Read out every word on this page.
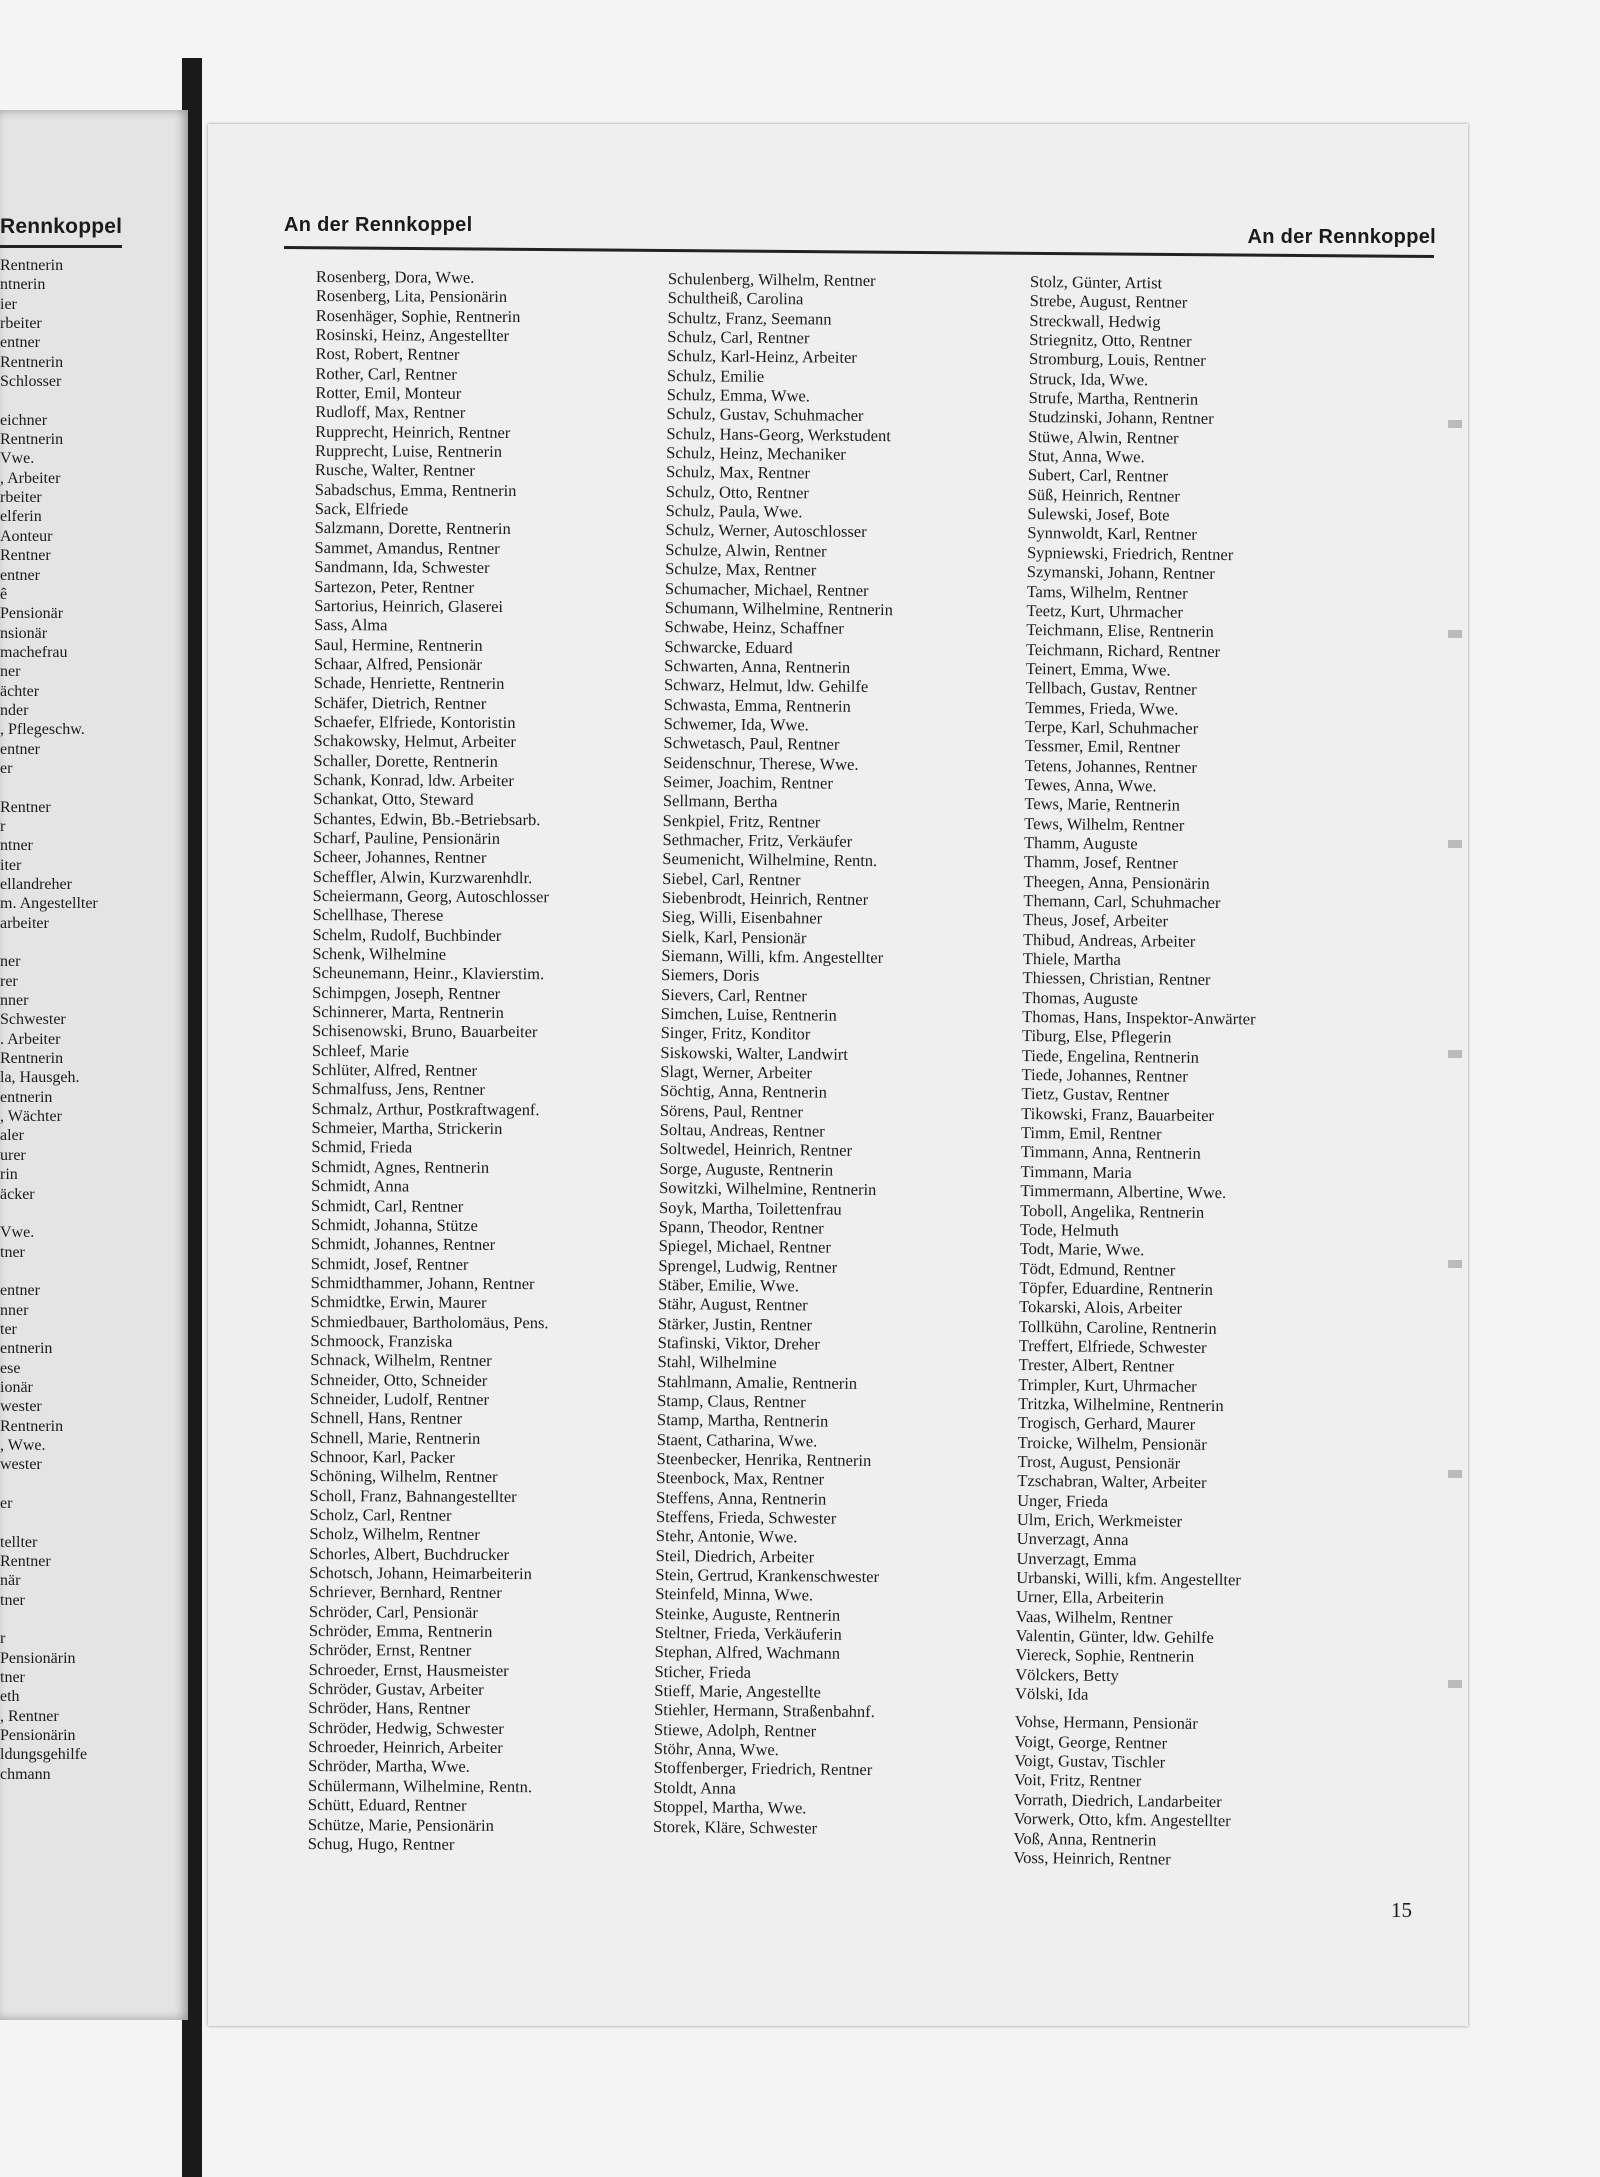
Rennkoppel
Rentnerin
ntnerin
ier
rbeiter
entner
Rentnerin
Schlosser

eichner
Rentnerin
Vwe.
, Arbeiter
rbeiter
elferin
Aonteur
Rentner
entner
ê
Pensionär
nsionär
machefrau
ner
ächter
nder
, Pflegeschw.
entner
er

Rentner
r
ntner
iter
ellandreher
m. Angestellter
arbeiter

ner
rer
nner
Schwester
. Arbeiter
Rentnerin
la, Hausgeh.
entnerin
, Wächter
aler
urer
rin
äcker

Vwe.
tner

entner
nner
ter
entnerin
ese
ionär
wester
Rentnerin
, Wwe.
wester

er

tellter
Rentner
när
tner

r
Pensionärin
tner
eth
, Rentner
Pensionärin
ldungsgehilfe
chmann
An der Rennkoppel
An der Rennkoppel
Rosenberg, Dora, Wwe.
Rosenberg, Lita, Pensionärin
Rosenhäger, Sophie, Rentnerin
Rosinski, Heinz, Angestellter
Rost, Robert, Rentner
Rother, Carl, Rentner
Rotter, Emil, Monteur
Rudloff, Max, Rentner
Rupprecht, Heinrich, Rentner
Rupprecht, Luise, Rentnerin
Rusche, Walter, Rentner
Sabadschus, Emma, Rentnerin
Sack, Elfriede
Salzmann, Dorette, Rentnerin
Sammet, Amandus, Rentner
Sandmann, Ida, Schwester
Sartezon, Peter, Rentner
Sartorius, Heinrich, Glaserei
Sass, Alma
Saul, Hermine, Rentnerin
Schaar, Alfred, Pensionär
Schade, Henriette, Rentnerin
Schäfer, Dietrich, Rentner
Schaefer, Elfriede, Kontoristin
Schakowsky, Helmut, Arbeiter
Schaller, Dorette, Rentnerin
Schank, Konrad, ldw. Arbeiter
Schankat, Otto, Steward
Schantes, Edwin, Bb.-Betriebsarb.
Scharf, Pauline, Pensionärin
Scheer, Johannes, Rentner
Scheffler, Alwin, Kurzwarenhdlr.
Scheiermann, Georg, Autoschlosser
Schellhase, Therese
Schelm, Rudolf, Buchbinder
Schenk, Wilhelmine
Scheunemann, Heinr., Klavierstim.
Schimpgen, Joseph, Rentner
Schinnerer, Marta, Rentnerin
Schisenowski, Bruno, Bauarbeiter
Schleef, Marie
Schlüter, Alfred, Rentner
Schmalfuss, Jens, Rentner
Schmalz, Arthur, Postkraftwagenf.
Schmeier, Martha, Strickerin
Schmid, Frieda
Schmidt, Agnes, Rentnerin
Schmidt, Anna
Schmidt, Carl, Rentner
Schmidt, Johanna, Stütze
Schmidt, Johannes, Rentner
Schmidt, Josef, Rentner
Schmidthammer, Johann, Rentner
Schmidtke, Erwin, Maurer
Schmiedbauer, Bartholomäus, Pens.
Schmoock, Franziska
Schnack, Wilhelm, Rentner
Schneider, Otto, Schneider
Schneider, Ludolf, Rentner
Schnell, Hans, Rentner
Schnell, Marie, Rentnerin
Schnoor, Karl, Packer
Schöning, Wilhelm, Rentner
Scholl, Franz, Bahnangestellter
Scholz, Carl, Rentner
Scholz, Wilhelm, Rentner
Schorles, Albert, Buchdrucker
Schotsch, Johann, Heimarbeiterin
Schriever, Bernhard, Rentner
Schröder, Carl, Pensionär
Schröder, Emma, Rentnerin
Schröder, Ernst, Rentner
Schroeder, Ernst, Hausmeister
Schröder, Gustav, Arbeiter
Schröder, Hans, Rentner
Schröder, Hedwig, Schwester
Schroeder, Heinrich, Arbeiter
Schröder, Martha, Wwe.
Schülermann, Wilhelmine, Rentn.
Schütt, Eduard, Rentner
Schütze, Marie, Pensionärin
Schug, Hugo, Rentner
Schulenberg, Wilhelm, Rentner
Schultheiß, Carolina
Schultz, Franz, Seemann
Schulz, Carl, Rentner
Schulz, Karl-Heinz, Arbeiter
Schulz, Emilie
Schulz, Emma, Wwe.
Schulz, Gustav, Schuhmacher
Schulz, Hans-Georg, Werkstudent
Schulz, Heinz, Mechaniker
Schulz, Max, Rentner
Schulz, Otto, Rentner
Schulz, Paula, Wwe.
Schulz, Werner, Autoschlosser
Schulze, Alwin, Rentner
Schulze, Max, Rentner
Schumacher, Michael, Rentner
Schumann, Wilhelmine, Rentnerin
Schwabe, Heinz, Schaffner
Schwarcke, Eduard
Schwarten, Anna, Rentnerin
Schwarz, Helmut, ldw. Gehilfe
Schwasta, Emma, Rentnerin
Schwemer, Ida, Wwe.
Schwetasch, Paul, Rentner
Seidenschnur, Therese, Wwe.
Seimer, Joachim, Rentner
Sellmann, Bertha
Senkpiel, Fritz, Rentner
Sethmacher, Fritz, Verkäufer
Seumenicht, Wilhelmine, Rentn.
Siebel, Carl, Rentner
Siebenbrodt, Heinrich, Rentner
Sieg, Willi, Eisenbahner
Sielk, Karl, Pensionär
Siemann, Willi, kfm. Angestellter
Siemers, Doris
Sievers, Carl, Rentner
Simchen, Luise, Rentnerin
Singer, Fritz, Konditor
Siskowski, Walter, Landwirt
Slagt, Werner, Arbeiter
Söchtig, Anna, Rentnerin
Sörens, Paul, Rentner
Soltau, Andreas, Rentner
Soltwedel, Heinrich, Rentner
Sorge, Auguste, Rentnerin
Sowitzki, Wilhelmine, Rentnerin
Soyk, Martha, Toilettenfrau
Spann, Theodor, Rentner
Spiegel, Michael, Rentner
Sprengel, Ludwig, Rentner
Stäber, Emilie, Wwe.
Stähr, August, Rentner
Stärker, Justin, Rentner
Stafinski, Viktor, Dreher
Stahl, Wilhelmine
Stahlmann, Amalie, Rentnerin
Stamp, Claus, Rentner
Stamp, Martha, Rentnerin
Staent, Catharina, Wwe.
Steenbecker, Henrika, Rentnerin
Steenbock, Max, Rentner
Steffens, Anna, Rentnerin
Steffens, Frieda, Schwester
Stehr, Antonie, Wwe.
Steil, Diedrich, Arbeiter
Stein, Gertrud, Krankenschwester
Steinfeld, Minna, Wwe.
Steinke, Auguste, Rentnerin
Steltner, Frieda, Verkäuferin
Stephan, Alfred, Wachmann
Sticher, Frieda
Stieff, Marie, Angestellte
Stiehler, Hermann, Straßenbahnf.
Stiewe, Adolph, Rentner
Stöhr, Anna, Wwe.
Stoffenberger, Friedrich, Rentner
Stoldt, Anna
Stoppel, Martha, Wwe.
Storek, Kläre, Schwester
Stolz, Günter, Artist
Strebe, August, Rentner
Streckwall, Hedwig
Striegnitz, Otto, Rentner
Stromburg, Louis, Rentner
Struck, Ida, Wwe.
Strufe, Martha, Rentnerin
Studzinski, Johann, Rentner
Stüwe, Alwin, Rentner
Stut, Anna, Wwe.
Subert, Carl, Rentner
Süß, Heinrich, Rentner
Sulewski, Josef, Bote
Synnwoldt, Karl, Rentner
Sypniewski, Friedrich, Rentner
Szymanski, Johann, Rentner
Tams, Wilhelm, Rentner
Teetz, Kurt, Uhrmacher
Teichmann, Elise, Rentnerin
Teichmann, Richard, Rentner
Teinert, Emma, Wwe.
Tellbach, Gustav, Rentner
Temmes, Frieda, Wwe.
Terpe, Karl, Schuhmacher
Tessmer, Emil, Rentner
Tetens, Johannes, Rentner
Tewes, Anna, Wwe.
Tews, Marie, Rentnerin
Tews, Wilhelm, Rentner
Thamm, Auguste
Thamm, Josef, Rentner
Theegen, Anna, Pensionärin
Themann, Carl, Schuhmacher
Theus, Josef, Arbeiter
Thibud, Andreas, Arbeiter
Thiele, Martha
Thiessen, Christian, Rentner
Thomas, Auguste
Thomas, Hans, Inspektor-Anwärter
Tiburg, Else, Pflegerin
Tiede, Engelina, Rentnerin
Tiede, Johannes, Rentner
Tietz, Gustav, Rentner
Tikowski, Franz, Bauarbeiter
Timm, Emil, Rentner
Timmann, Anna, Rentnerin
Timmann, Maria
Timmermann, Albertine, Wwe.
Toboll, Angelika, Rentnerin
Tode, Helmuth
Todt, Marie, Wwe.
Tödt, Edmund, Rentner
Töpfer, Eduardine, Rentnerin
Tokarski, Alois, Arbeiter
Tollkühn, Caroline, Rentnerin
Treffert, Elfriede, Schwester
Trester, Albert, Rentner
Trimpler, Kurt, Uhrmacher
Tritzka, Wilhelmine, Rentnerin
Trogisch, Gerhard, Maurer
Troicke, Wilhelm, Pensionär
Trost, August, Pensionär
Tzschabran, Walter, Arbeiter
Unger, Frieda
Ulm, Erich, Werkmeister
Unverzagt, Anna
Unverzagt, Emma
Urbanski, Willi, kfm. Angestellter
Urner, Ella, Arbeiterin
Vaas, Wilhelm, Rentner
Valentin, Günter, ldw. Gehilfe
Viereck, Sophie, Rentnerin
Völckers, Betty
Völski, Ida
Vohse, Hermann, Pensionär
Voigt, George, Rentner
Voigt, Gustav, Tischler
Voit, Fritz, Rentner
Vorrath, Diedrich, Landarbeiter
Vorwerk, Otto, kfm. Angestellter
Voß, Anna, Rentnerin
Voss, Heinrich, Rentner
15
